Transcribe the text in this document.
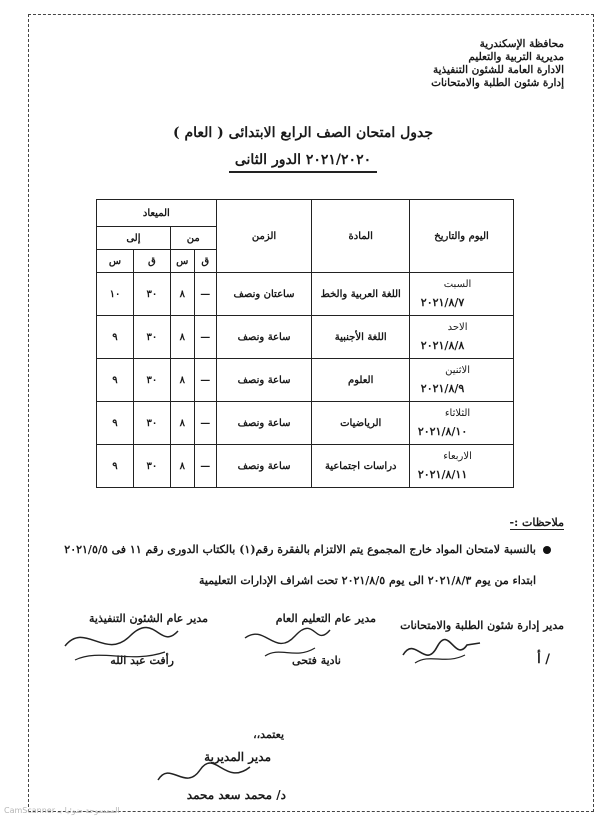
محافظة الإسكندرية
مديرية التربية والتعليم
الادارة العامة للشئون التنفيذية
إدارة شئون الطلبة والامتحانات
جدول امتحان الصف الرابع الابتدائى ( العام )
٢٠٢١/٢٠٢٠ الدور الثانى
اليوم والتاريخ	المادة	الزمن	الميعاد			
			من		إلى	
			ق	س	ق	س

السبت
٢٠٢١/٨/٧	اللغة العربية والخط	ساعتان ونصف	—	٨	٣٠	١٠

الاحد
٢٠٢١/٨/٨	اللغة الأجنبية	ساعة ونصف	—	٨	٣٠	٩

الاثنين
٢٠٢١/٨/٩	العلوم	ساعة ونصف	—	٨	٣٠	٩

الثلاثاء
٢٠٢١/٨/١٠	الرياضيات	ساعة ونصف	—	٨	٣٠	٩

الاربعاء
٢٠٢١/٨/١١	دراسات اجتماعية	ساعة ونصف	—	٨	٣٠	٩
ملاحظات :-
بالنسبة لامتحان المواد خارج المجموع يتم الالتزام بالفقرة رقم(١) بالكتاب الدورى رقم ١١ فى ٢٠٢١/٥/٥
ابتداء من يوم ٢٠٢١/٨/٣ الى يوم ٢٠٢١/٨/٥ تحت اشراف الإدارات التعليمية
مدير إدارة شئون الطلبة والامتحانات
/ أ
مدير عام التعليم العام
نادية فتحى
مدير عام الشئون التنفيذية
رأفت عبد الله
يعتمد،،
مدير المديرية
د/ محمد سعد محمد
CamScanner الممسوحة ضوئيا بـ
